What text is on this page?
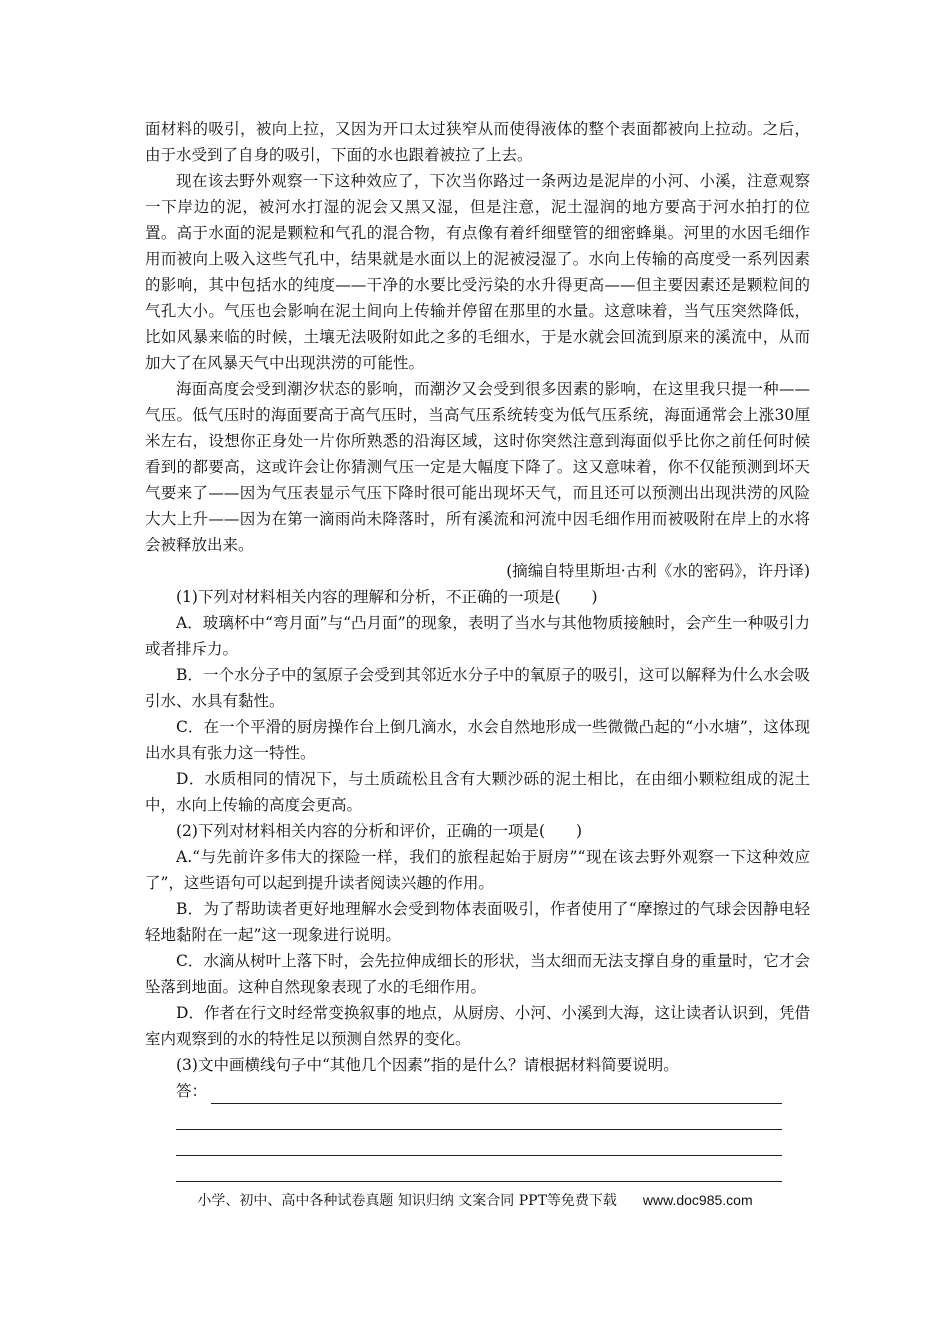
面材料的吸引，被向上拉，又因为开口太过狭窄从而使得液体的整个表面都被向上拉动。之后，由于水受到了自身的吸引，下面的水也跟着被拉了上去。

现在该去野外观察一下这种效应了，下次当你路过一条两边是泥岸的小河、小溪，注意观察一下岸边的泥，被河水打湿的泥会又黑又湿，但是注意，泥土湿润的地方要高于河水拍打的位置。高于水面的泥是颗粒和气孔的混合物，有点像有着纤细壁管的细密蜂巢。河里的水因毛细作用而被向上吸入这些气孔中，结果就是水面以上的泥被浸湿了。水向上传输的高度受一系列因素的影响，其中包括水的纯度——干净的水要比受污染的水升得更高——但主要因素还是颗粒间的气孔大小。气压也会影响在泥土间向上传输并停留在那里的水量。这意味着，当气压突然降低，比如风暴来临的时候，土壤无法吸附如此之多的毛细水，于是水就会回流到原来的溪流中，从而加大了在风暴天气中出现洪涝的可能性。

海面高度会受到潮汐状态的影响，而潮汐又会受到很多因素的影响，在这里我只提一种——气压。低气压时的海面要高于高气压时，当高气压系统转变为低气压系统，海面通常会上涨30厘米左右，设想你正身处一片你所熟悉的沿海区域，这时你突然注意到海面似乎比你之前任何时候看到的都要高，这或许会让你猜测气压一定是大幅度下降了。这又意味着，你不仅能预测到坏天气要来了——因为气压表显示气压下降时很可能出现坏天气，而且还可以预测出出现洪涝的风险大大上升——因为在第一滴雨尚未降落时，所有溪流和河流中因毛细作用而被吸附在岸上的水将会被释放出来。

(摘编自特里斯坦·古利《水的密码》，许丹译)

(1)下列对材料相关内容的理解和分析，不正确的一项是(　　)

A．玻璃杯中“弯月面”与“凸月面”的现象，表明了当水与其他物质接触时，会产生一种吸引力或者排斥力。

B．一个水分子中的氢原子会受到其邻近水分子中的氧原子的吸引，这可以解释为什么水会吸引水、水具有黏性。

C．在一个平滑的厨房操作台上倒几滴水，水会自然地形成一些微微凸起的“小水塘”，这体现出水具有张力这一特性。

D．水质相同的情况下，与土质疏松且含有大颗沙砾的泥土相比，在由细小颗粒组成的泥土中，水向上传输的高度会更高。

(2)下列对材料相关内容的分析和评价，正确的一项是(　　)

A.“与先前许多伟大的探险一样，我们的旅程起始于厨房”“现在该去野外观察一下这种效应了”，这些语句可以起到提升读者阅读兴趣的作用。

B．为了帮助读者更好地理解水会受到物体表面吸引，作者使用了“摩擦过的气球会因静电轻轻地黏附在一起”这一现象进行说明。

C．水滴从树叶上落下时，会先拉伸成细长的形状，当太细而无法支撑自身的重量时，它才会坠落到地面。这种自然现象表现了水的毛细作用。

D．作者在行文时经常变换叙事的地点，从厨房、小河、小溪到大海，这让读者认识到，凭借室内观察到的水的特性足以预测自然界的变化。

(3)文中画横线句子中“其他几个因素”指的是什么？请根据材料简要说明。

答：
小学、初中、高中各种试卷真题 知识归纳 文案合同 PPT等免费下载 www.doc985.com
